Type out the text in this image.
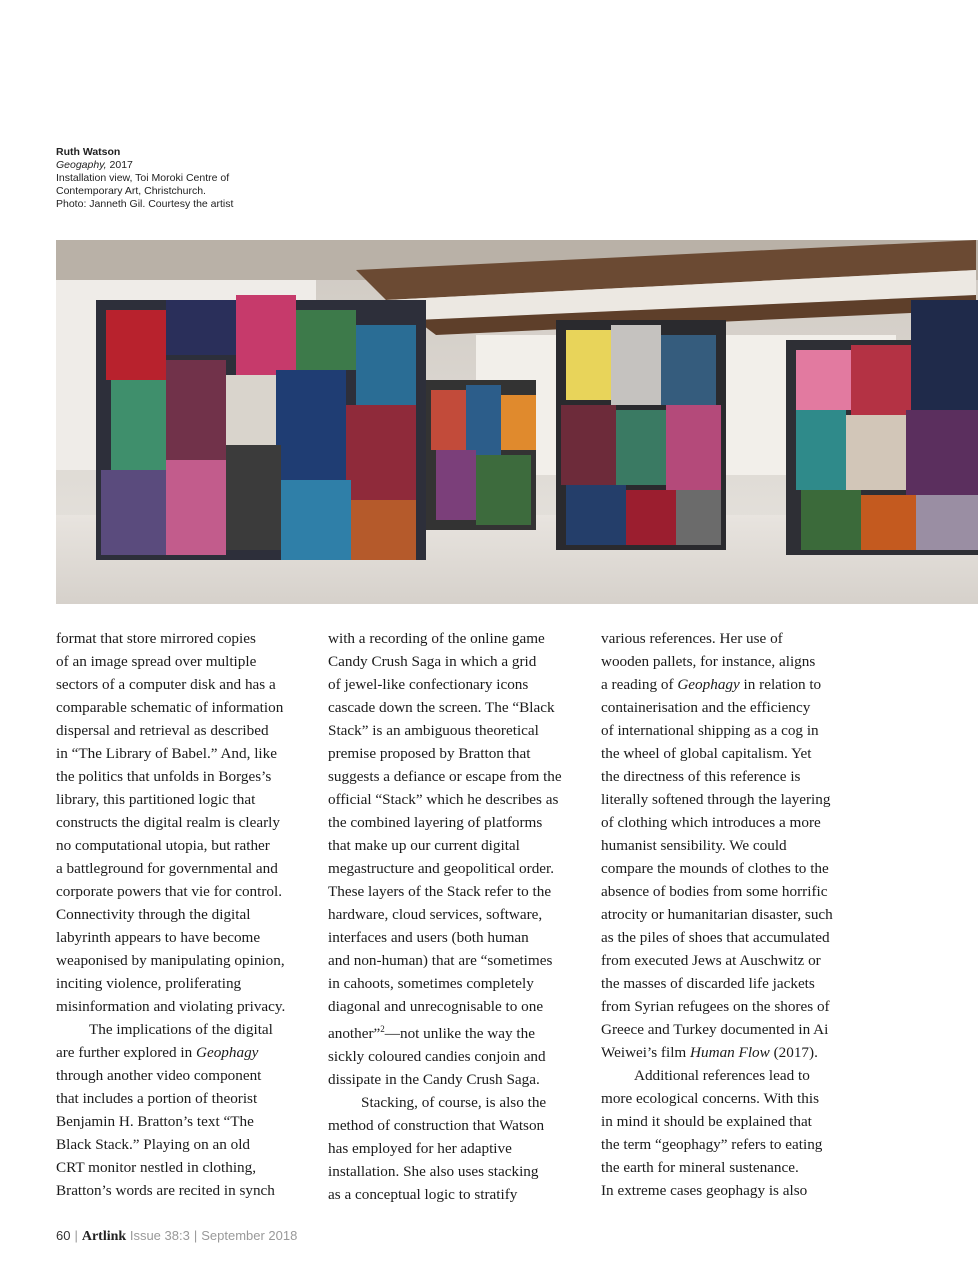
Ruth Watson
Geogaphy, 2017
Installation view, Toi Moroki Centre of
Contemporary Art, Christchurch.
Photo: Janneth Gil. Courtesy the artist
format that store mirrored copies
of an image spread over multiple
sectors of a computer disk and has a
comparable schematic of information
dispersal and retrieval as described
in “The Library of Babel.” And, like
the politics that unfolds in Borges’s
library, this partitioned logic that
constructs the digital realm is clearly
no computational utopia, but rather
a battleground for governmental and
corporate powers that vie for control.
Connectivity through the digital
labyrinth appears to have become
weaponised by manipulating opinion,
inciting violence, proliferating
misinformation and violating privacy.
The implications of the digital
are further explored in Geophagy
through another video component
that includes a portion of theorist
Benjamin H. Bratton’s text “The
Black Stack.” Playing on an old
CRT monitor nestled in clothing,
Bratton’s words are recited in synch
with a recording of the online game
Candy Crush Saga in which a grid
of jewel-like confectionary icons
cascade down the screen. The “Black
Stack” is an ambiguous theoretical
premise proposed by Bratton that
suggests a defiance or escape from the
official “Stack” which he describes as
the combined layering of platforms
that make up our current digital
megastructure and geopolitical order.
These layers of the Stack refer to the
hardware, cloud services, software,
interfaces and users (both human
and non-human) that are “sometimes
in cahoots, sometimes completely
diagonal and unrecognisable to one
another”$^2$—not unlike the way the
sickly coloured candies conjoin and
dissipate in the Candy Crush Saga.
Stacking, of course, is also the
method of construction that Watson
has employed for her adaptive
installation. She also uses stacking
as a conceptual logic to stratify
various references. Her use of
wooden pallets, for instance, aligns
a reading of Geophagy in relation to
containerisation and the efficiency
of international shipping as a cog in
the wheel of global capitalism. Yet
the directness of this reference is
literally softened through the layering
of clothing which introduces a more
humanist sensibility. We could
compare the mounds of clothes to the
absence of bodies from some horrific
atrocity or humanitarian disaster, such
as the piles of shoes that accumulated
from executed Jews at Auschwitz or
the masses of discarded life jackets
from Syrian refugees on the shores of
Greece and Turkey documented in Ai
Weiwei’s film Human Flow (2017).
Additional references lead to
more ecological concerns. With this
in mind it should be explained that
the term “geophagy” refers to eating
the earth for mineral sustenance.
In extreme cases geophagy is also
60 | Artlink Issue 38:3 | September 2018
